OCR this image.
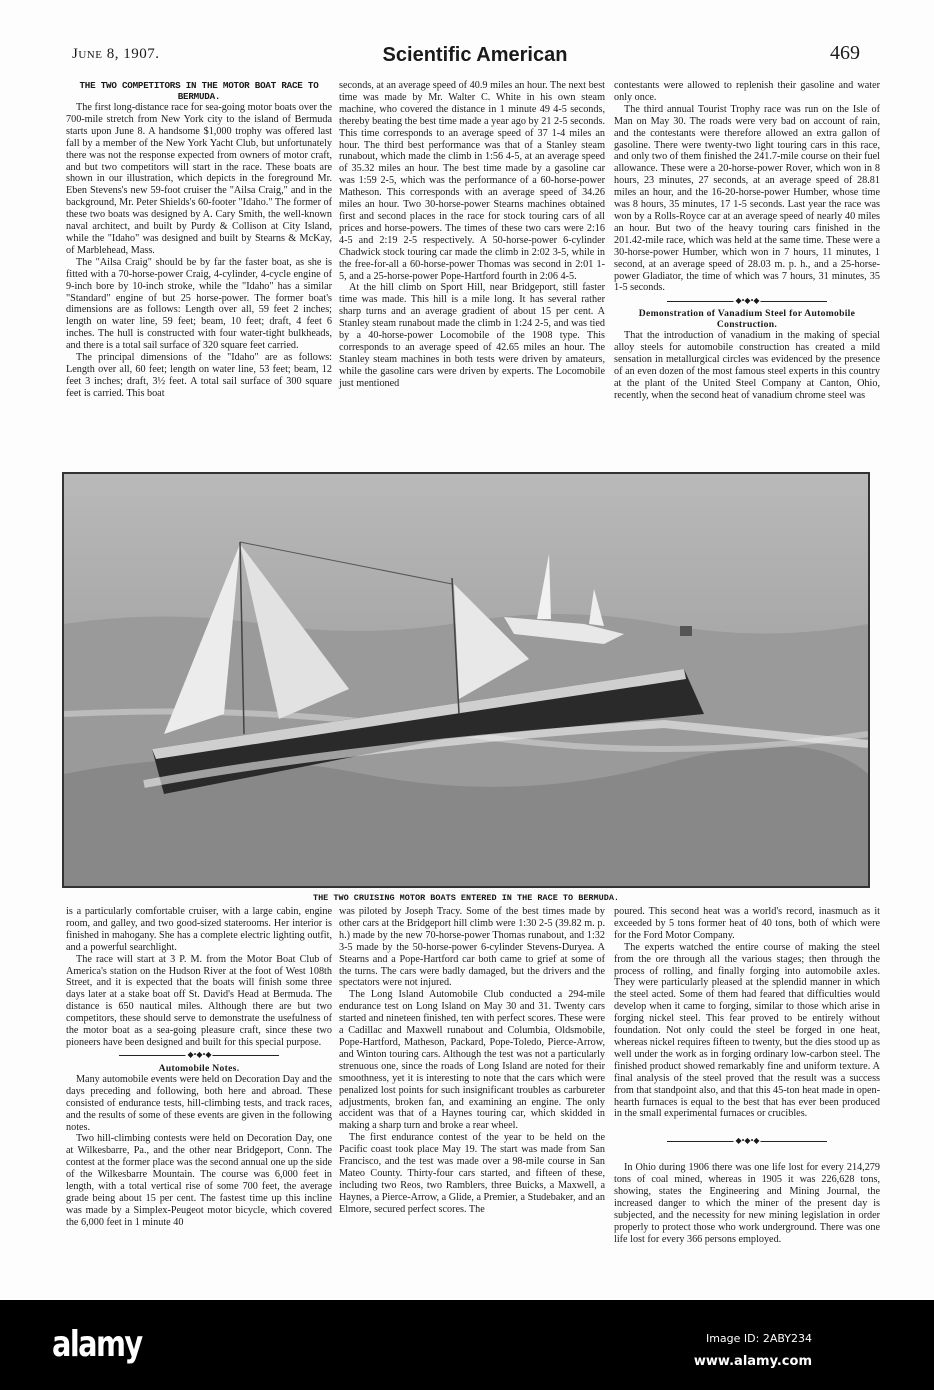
June 8, 1907.	Scientific American	469
THE TWO COMPETITORS IN THE MOTOR BOAT RACE TO BERMUDA.

The first long-distance race for sea-going motor boats over the 700-mile stretch from New York city to the island of Bermuda starts upon June 8. A handsome $1,000 trophy was offered last fall by a member of the New York Yacht Club, but unfortunately there was not the response expected from owners of motor craft, and but two competitors will start in the race. These boats are shown in our illustration, which depicts in the foreground Mr. Eben Stevens's new 59-foot cruiser the "Ailsa Craig," and in the background, Mr. Peter Shields's 60-footer "Idaho." The former of these two boats was designed by A. Cary Smith, the well-known naval architect, and built by Purdy & Collison at City Island, while the "Idaho" was designed and built by Stearns & McKay, of Marblehead, Mass.

The "Ailsa Craig" should be by far the faster boat, as she is fitted with a 70-horse-power Craig, 4-cylinder, 4-cycle engine of 9-inch bore by 10-inch stroke, while the "Idaho" has a similar "Standard" engine of but 25 horse-power. The former boat's dimensions are as follows: Length over all, 59 feet 2 inches; length on water line, 59 feet; beam, 10 feet; draft, 4 feet 6 inches. The hull is constructed with four water-tight bulkheads, and there is a total sail surface of 320 square feet carried.

The principal dimensions of the "Idaho" are as follows: Length over all, 60 feet; length on water line, 53 feet; beam, 12 feet 3 inches; draft, 3½ feet. A total sail surface of 300 square feet is carried. This boat

seconds, at an average speed of 40.9 miles an hour. The next best time was made by Mr. Walter C. White in his own steam machine, who covered the distance in 1 minute 49 4-5 seconds, thereby beating the best time made a year ago by 21 2-5 seconds. This time corresponds to an average speed of 37 1-4 miles an hour. The third best performance was that of a Stanley steam runabout, which made the climb in 1:56 4-5, at an average speed of 35.32 miles an hour. The best time made by a gasoline car was 1:59 2-5, which was the performance of a 60-horse-power Matheson. This corresponds with an average speed of 34.26 miles an hour. Two 30-horse-power Stearns machines obtained first and second places in the race for stock touring cars of all prices and horse-powers. The times of these two cars were 2:16 4-5 and 2:19 2-5 respectively. A 50-horse-power 6-cylinder Chadwick stock touring car made the climb in 2:02 3-5, while in the free-for-all a 60-horse-power Thomas was second in 2:01 1-5, and a 25-horse-power Pope-Hartford fourth in 2:06 4-5.

At the hill climb on Sport Hill, near Bridgeport, still faster time was made. This hill is a mile long. It has several rather sharp turns and an average gradient of about 15 per cent. A Stanley steam runabout made the climb in 1:24 2-5, and was tied by a 40-horse-power Locomobile of the 1908 type. This corresponds to an average speed of 42.65 miles an hour. The Stanley steam machines in both tests were driven by amateurs, while the gasoline cars were driven by experts. The Locomobile just mentioned

contestants were allowed to replenish their gasoline and water only once.

The third annual Tourist Trophy race was run on the Isle of Man on May 30. The roads were very bad on account of rain, and the contestants were therefore allowed an extra gallon of gasoline. There were twenty-two light touring cars in this race, and only two of them finished the 241.7-mile course on their fuel allowance. These were a 20-horse-power Rover, which won in 8 hours, 23 minutes, 27 seconds, at an average speed of 28.81 miles an hour, and the 16-20-horse-power Humber, whose time was 8 hours, 35 minutes, 17 1-5 seconds. Last year the race was won by a Rolls-Royce car at an average speed of nearly 40 miles an hour. But two of the heavy touring cars finished in the 201.42-mile race, which was held at the same time. These were a 30-horse-power Humber, which won in 7 hours, 11 minutes, 1 second, at an average speed of 28.03 m. p. h., and a 25-horse-power Gladiator, the time of which was 7 hours, 31 minutes, 35 1-5 seconds.

◆ • ◆ • ◆
Demonstration of Vanadium Steel for Automobile Construction.

That the introduction of vanadium in the making of special alloy steels for automobile construction has created a mild sensation in metallurgical circles was evidenced by the presence of an even dozen of the most famous steel experts in this country at the plant of the United Steel Company at Canton, Ohio, recently, when the second heat of vanadium chrome steel was

THE TWO CRUISING MOTOR BOATS ENTERED IN THE RACE TO BERMUDA.

is a particularly comfortable cruiser, with a large cabin, engine room, and galley, and two good-sized staterooms. Her interior is finished in mahogany. She has a complete electric lighting outfit, and a powerful searchlight.

The race will start at 3 P. M. from the Motor Boat Club of America's station on the Hudson River at the foot of West 108th Street, and it is expected that the boats will finish some three days later at a stake boat off St. David's Head at Bermuda. The distance is 650 nautical miles. Although there are but two competitors, these should serve to demonstrate the usefulness of the motor boat as a sea-going pleasure craft, since these two pioneers have been designed and built for this special purpose.

◆ • ◆ • ◆
Automobile Notes.

Many automobile events were held on Decoration Day and the days preceding and following, both here and abroad. These consisted of endurance tests, hill-climbing tests, and track races, and the results of some of these events are given in the following notes.

Two hill-climbing contests were held on Decoration Day, one at Wilkesbarre, Pa., and the other near Bridgeport, Conn. The contest at the former place was the second annual one up the side of the Wilkesbarre Mountain. The course was 6,000 feet in length, with a total vertical rise of some 700 feet, the average grade being about 15 per cent. The fastest time up this incline was made by a Simplex-Peugeot motor bicycle, which covered the 6,000 feet in 1 minute 40

was piloted by Joseph Tracy. Some of the best times made by other cars at the Bridgeport hill climb were 1:30 2-5 (39.82 m. p. h.) made by the new 70-horse-power Thomas runabout, and 1:32 3-5 made by the 50-horse-power 6-cylinder Stevens-Duryea. A Stearns and a Pope-Hartford car both came to grief at some of the turns. The cars were badly damaged, but the drivers and the spectators were not injured.

The Long Island Automobile Club conducted a 294-mile endurance test on Long Island on May 30 and 31. Twenty cars started and nineteen finished, ten with perfect scores. These were a Cadillac and Maxwell runabout and Columbia, Oldsmobile, Pope-Hartford, Matheson, Packard, Pope-Toledo, Pierce-Arrow, and Winton touring cars. Although the test was not a particularly strenuous one, since the roads of Long Island are noted for their smoothness, yet it is interesting to note that the cars which were penalized lost points for such insignificant troubles as carbureter adjustments, broken fan, and examining an engine. The only accident was that of a Haynes touring car, which skidded in making a sharp turn and broke a rear wheel.

The first endurance contest of the year to be held on the Pacific coast took place May 19. The start was made from San Francisco, and the test was made over a 98-mile course in San Mateo County. Thirty-four cars started, and fifteen of these, including two Reos, two Ramblers, three Buicks, a Maxwell, a Haynes, a Pierce-Arrow, a Glide, a Premier, a Studebaker, and an Elmore, secured perfect scores. The

poured. This second heat was a world's record, inasmuch as it exceeded by 5 tons former heat of 40 tons, both of which were for the Ford Motor Company.

The experts watched the entire course of making the steel from the ore through all the various stages; then through the process of rolling, and finally forging into automobile axles. They were particularly pleased at the splendid manner in which the steel acted. Some of them had feared that difficulties would develop when it came to forging, similar to those which arise in forging nickel steel. This fear proved to be entirely without foundation. Not only could the steel be forged in one heat, whereas nickel requires fifteen to twenty, but the dies stood up as well under the work as in forging ordinary low-carbon steel. The finished product showed remarkably fine and uniform texture. A final analysis of the steel proved that the result was a success from that standpoint also, and that this 45-ton heat made in open-hearth furnaces is equal to the best that has ever been produced in the small experimental furnaces or crucibles.

◆ • ◆ • ◆

In Ohio during 1906 there was one life lost for every 214,279 tons of coal mined, whereas in 1905 it was 226,628 tons, showing, states the Engineering and Mining Journal, the increased danger to which the miner of the present day is subjected, and the necessity for new mining legislation in order properly to protect those who work underground. There was one life lost for every 366 persons employed.

alamy	Image ID: 2ABY234
www.alamy.com
